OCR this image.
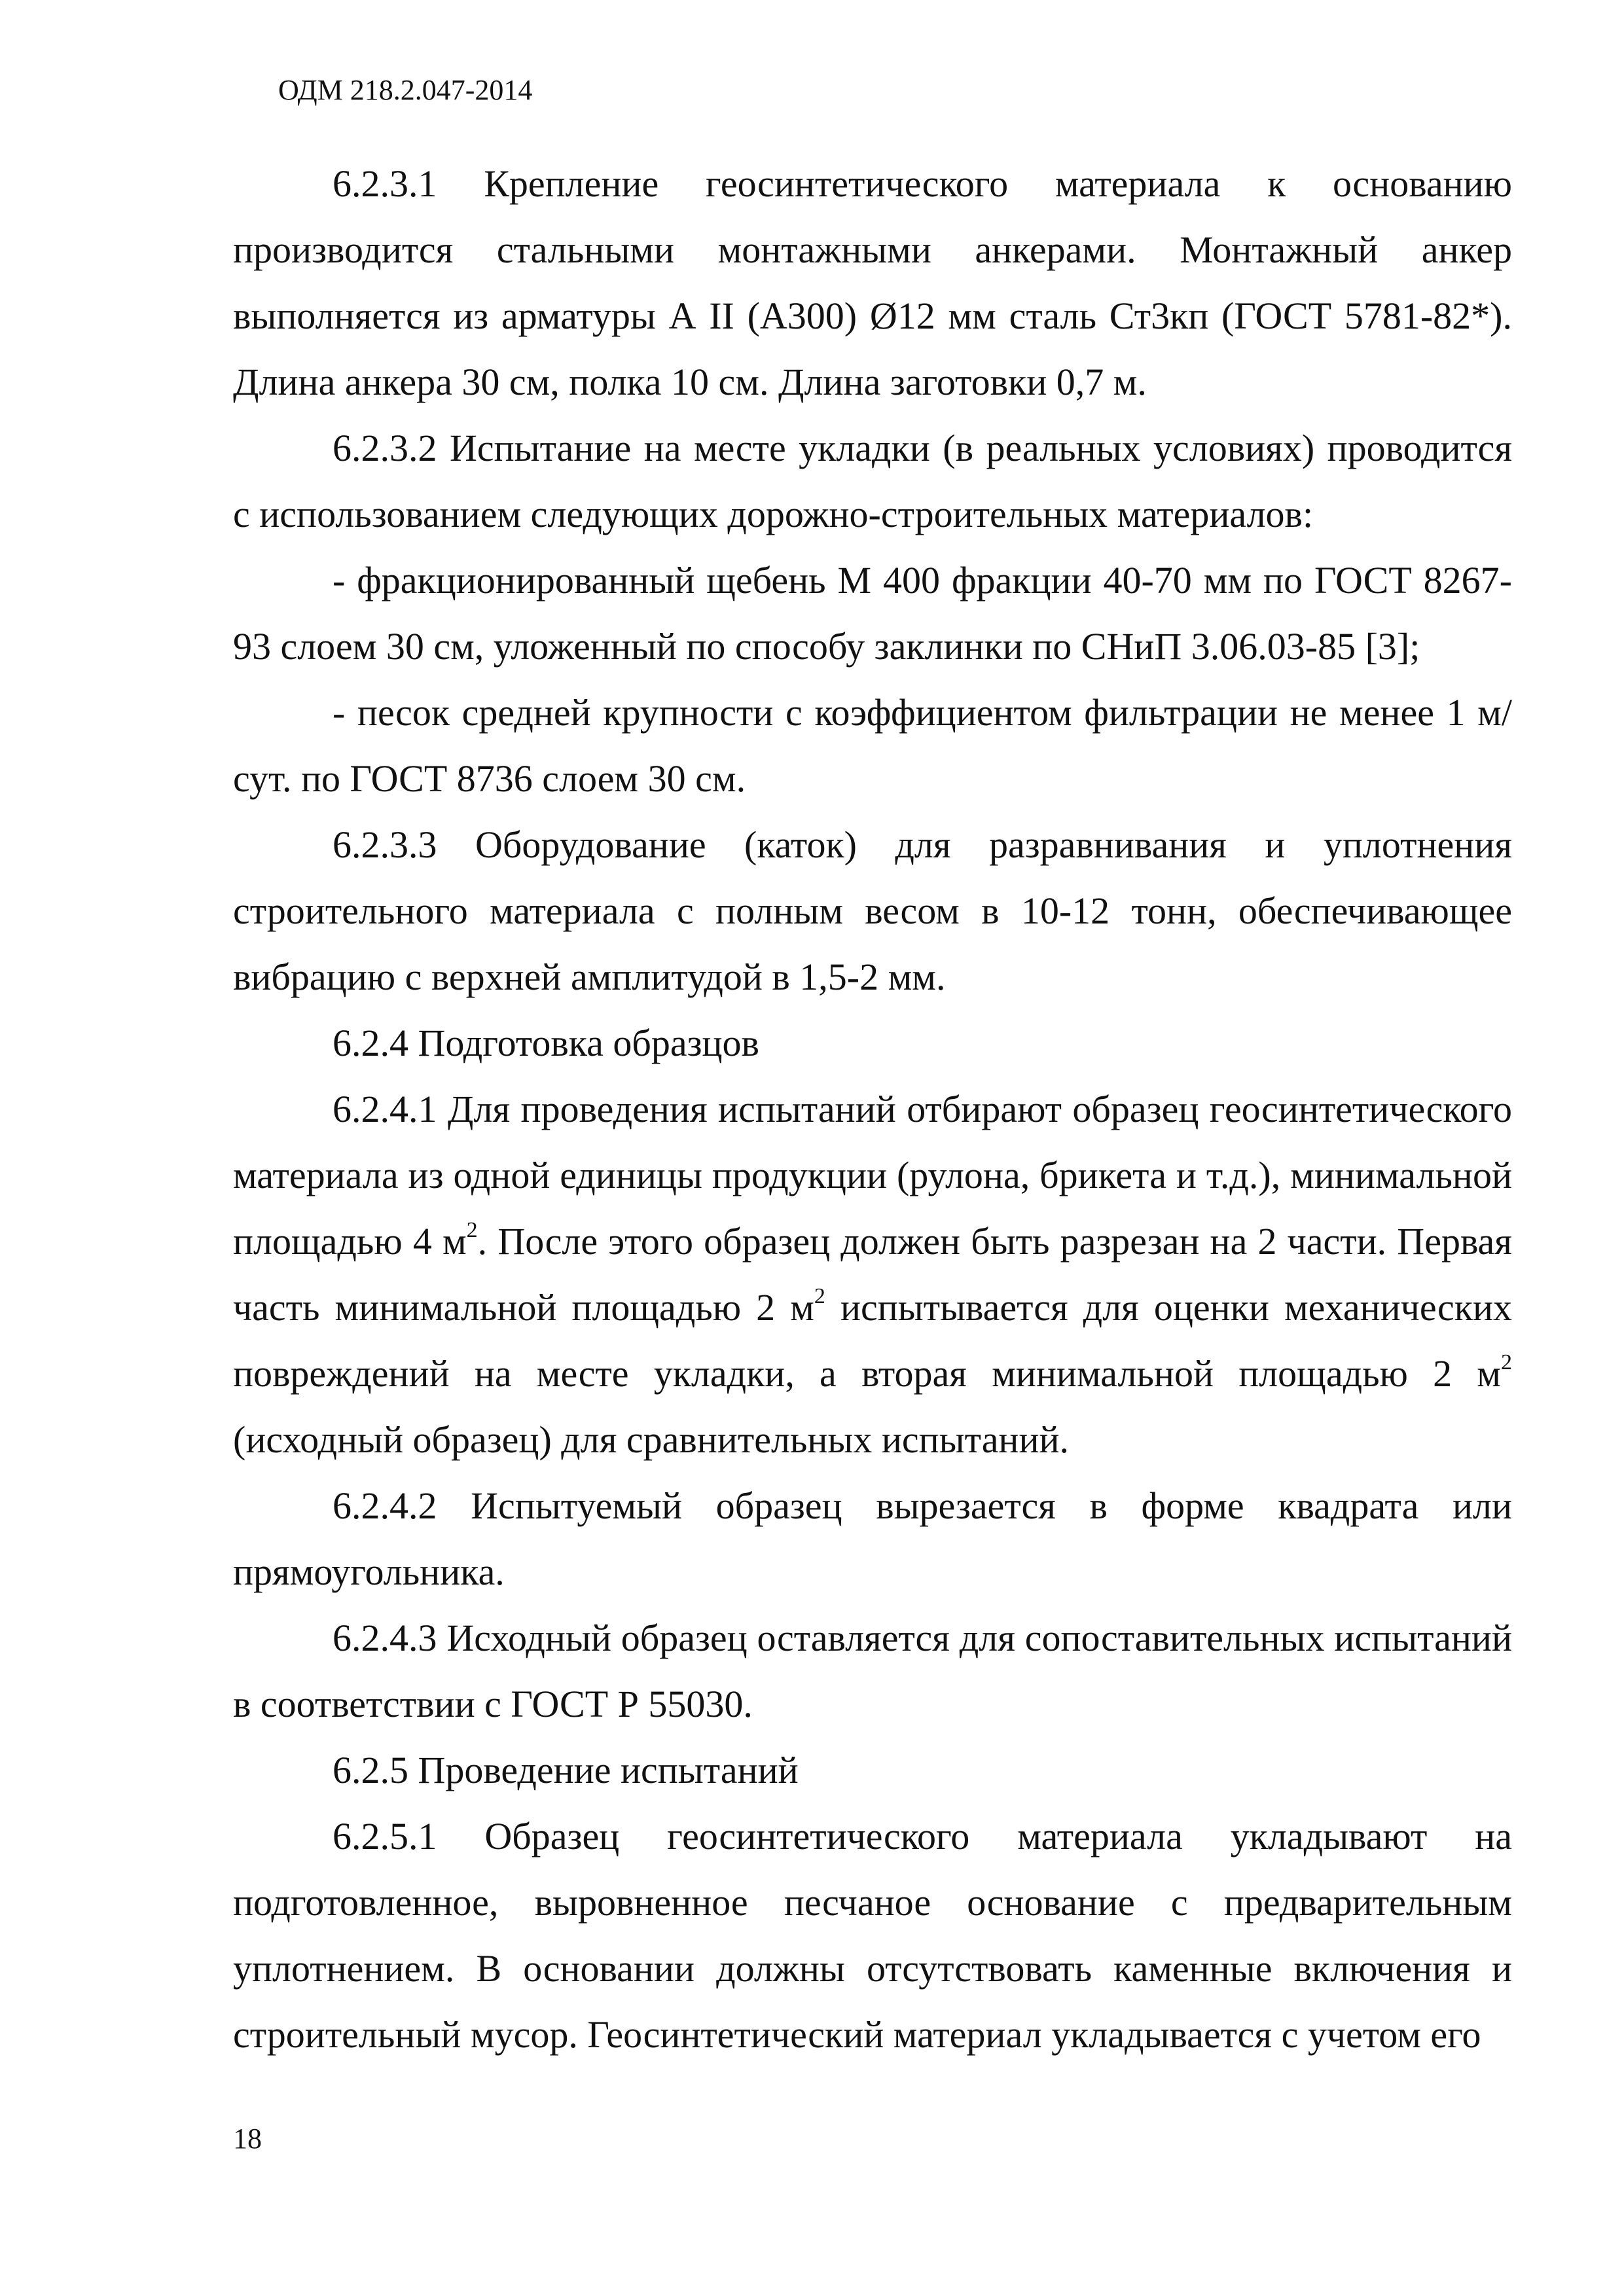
ОДМ 218.2.047-2014

6.2.3.1 Крепление геосинтетического материала к основанию производится стальными монтажными анкерами. Монтажный анкер выполняется из арматуры А II (А300) Ø12 мм сталь Ст3кп (ГОСТ 5781-82*). Длина анкера 30 см, полка 10 см. Длина заготовки 0,7 м.

6.2.3.2 Испытание на месте укладки (в реальных условиях) проводится с использованием следующих дорожно-строительных материалов:

- фракционированный щебень М 400 фракции 40-70 мм по ГОСТ 8267-93 слоем 30 см, уложенный по способу заклинки по СНиП 3.06.03-85 [3];

- песок средней крупности с коэффициентом фильтрации не менее 1 м/сут. по ГОСТ 8736 слоем 30 см.

6.2.3.3 Оборудование (каток) для разравнивания и уплотнения строительного материала с полным весом в 10-12 тонн, обеспечивающее вибрацию с верхней амплитудой в 1,5-2 мм.

6.2.4 Подготовка образцов

6.2.4.1 Для проведения испытаний отбирают образец геосинтетического материала из одной единицы продукции (рулона, брикета и т.д.), минимальной площадью 4 $м^2$. После этого образец должен быть разрезан на 2 части. Первая часть минимальной площадью 2 $м^2$ испытывается для оценки механических повреждений на месте укладки, а вторая минимальной площадью 2 $м^2$ (исходный образец) для сравнительных испытаний.

6.2.4.2 Испытуемый образец вырезается в форме квадрата или прямоугольника.

6.2.4.3 Исходный образец оставляется для сопоставительных испытаний в соответствии с ГОСТ Р 55030.

6.2.5 Проведение испытаний

6.2.5.1 Образец геосинтетического материала укладывают на подготовленное, выровненное песчаное основание с предварительным уплотнением. В основании должны отсутствовать каменные включения и строительный мусор. Геосинтетический материал укладывается с учетом его

18
